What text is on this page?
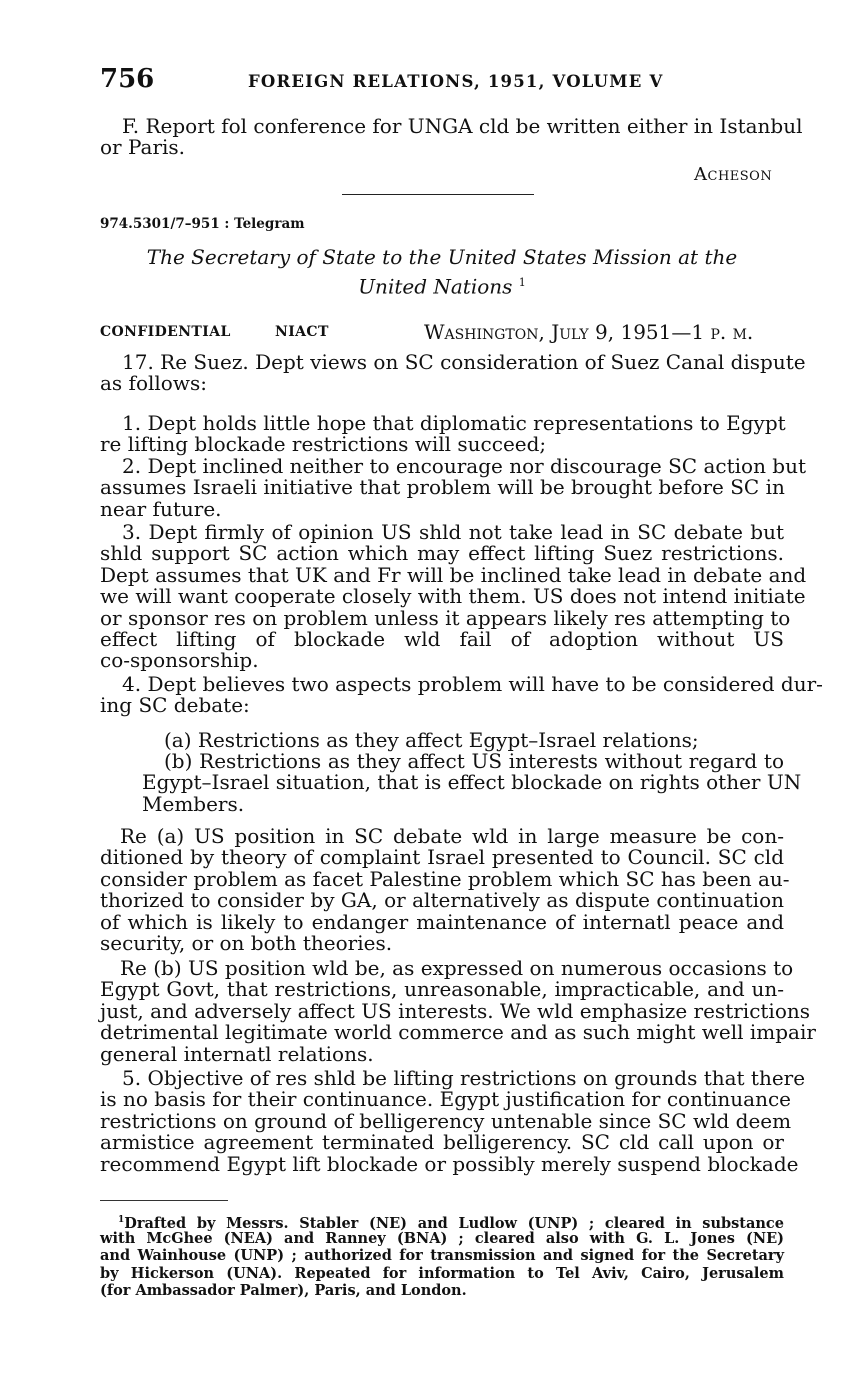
756	FOREIGN RELATIONS, 1951, VOLUME V
F. Report fol conference for UNGA cld be written either in Istanbul
or Paris.
Acheson
974.5301/7–951 : Telegram
The Secretary of State to the United States Mission at the
United Nations $^1$
CONFIDENTIAL	NIACT	Washington, July 9, 1951—1 p. m.
17. Re Suez. Dept views on SC consideration of Suez Canal dispute
as follows:
1. Dept holds little hope that diplomatic representations to Egypt
re lifting blockade restrictions will succeed;
2. Dept inclined neither to encourage nor discourage SC action but
assumes Israeli initiative that problem will be brought before SC in
near future.
3. Dept firmly of opinion US shld not take lead in SC debate but
shld support SC action which may effect lifting Suez restrictions.
Dept assumes that UK and Fr will be inclined take lead in debate and
we will want cooperate closely with them. US does not intend initiate
or sponsor res on problem unless it appears likely res attempting to
effect lifting of blockade wld fail of adoption without US
co-sponsorship.
4. Dept believes two aspects problem will have to be considered dur-
ing SC debate:
(a) Restrictions as they affect Egypt–Israel relations;
(b) Restrictions as they affect US interests without regard to
Egypt–Israel situation, that is effect blockade on rights other UN
Members.
Re (a) US position in SC debate wld in large measure be con-
ditioned by theory of complaint Israel presented to Council. SC cld
consider problem as facet Palestine problem which SC has been au-
thorized to consider by GA, or alternatively as dispute continuation
of which is likely to endanger maintenance of internatl peace and
security, or on both theories.
Re (b) US position wld be, as expressed on numerous occasions to
Egypt Govt, that restrictions, unreasonable, impracticable, and un-
just, and adversely affect US interests. We wld emphasize restrictions
detrimental legitimate world commerce and as such might well impair
general internatl relations.
5. Objective of res shld be lifting restrictions on grounds that there
is no basis for their continuance. Egypt justification for continuance
restrictions on ground of belligerency untenable since SC wld deem
armistice agreement terminated belligerency. SC cld call upon or
recommend Egypt lift blockade or possibly merely suspend blockade
$^1$Drafted by Messrs. Stabler (NE) and Ludlow (UNP) ; cleared in substance
with McGhee (NEA) and Ranney (BNA) ; cleared also with G. L. Jones (NE)
and Wainhouse (UNP) ; authorized for transmission and signed for the Secretary
by Hickerson (UNA). Repeated for information to Tel Aviv, Cairo, Jerusalem
(for Ambassador Palmer), Paris, and London.
